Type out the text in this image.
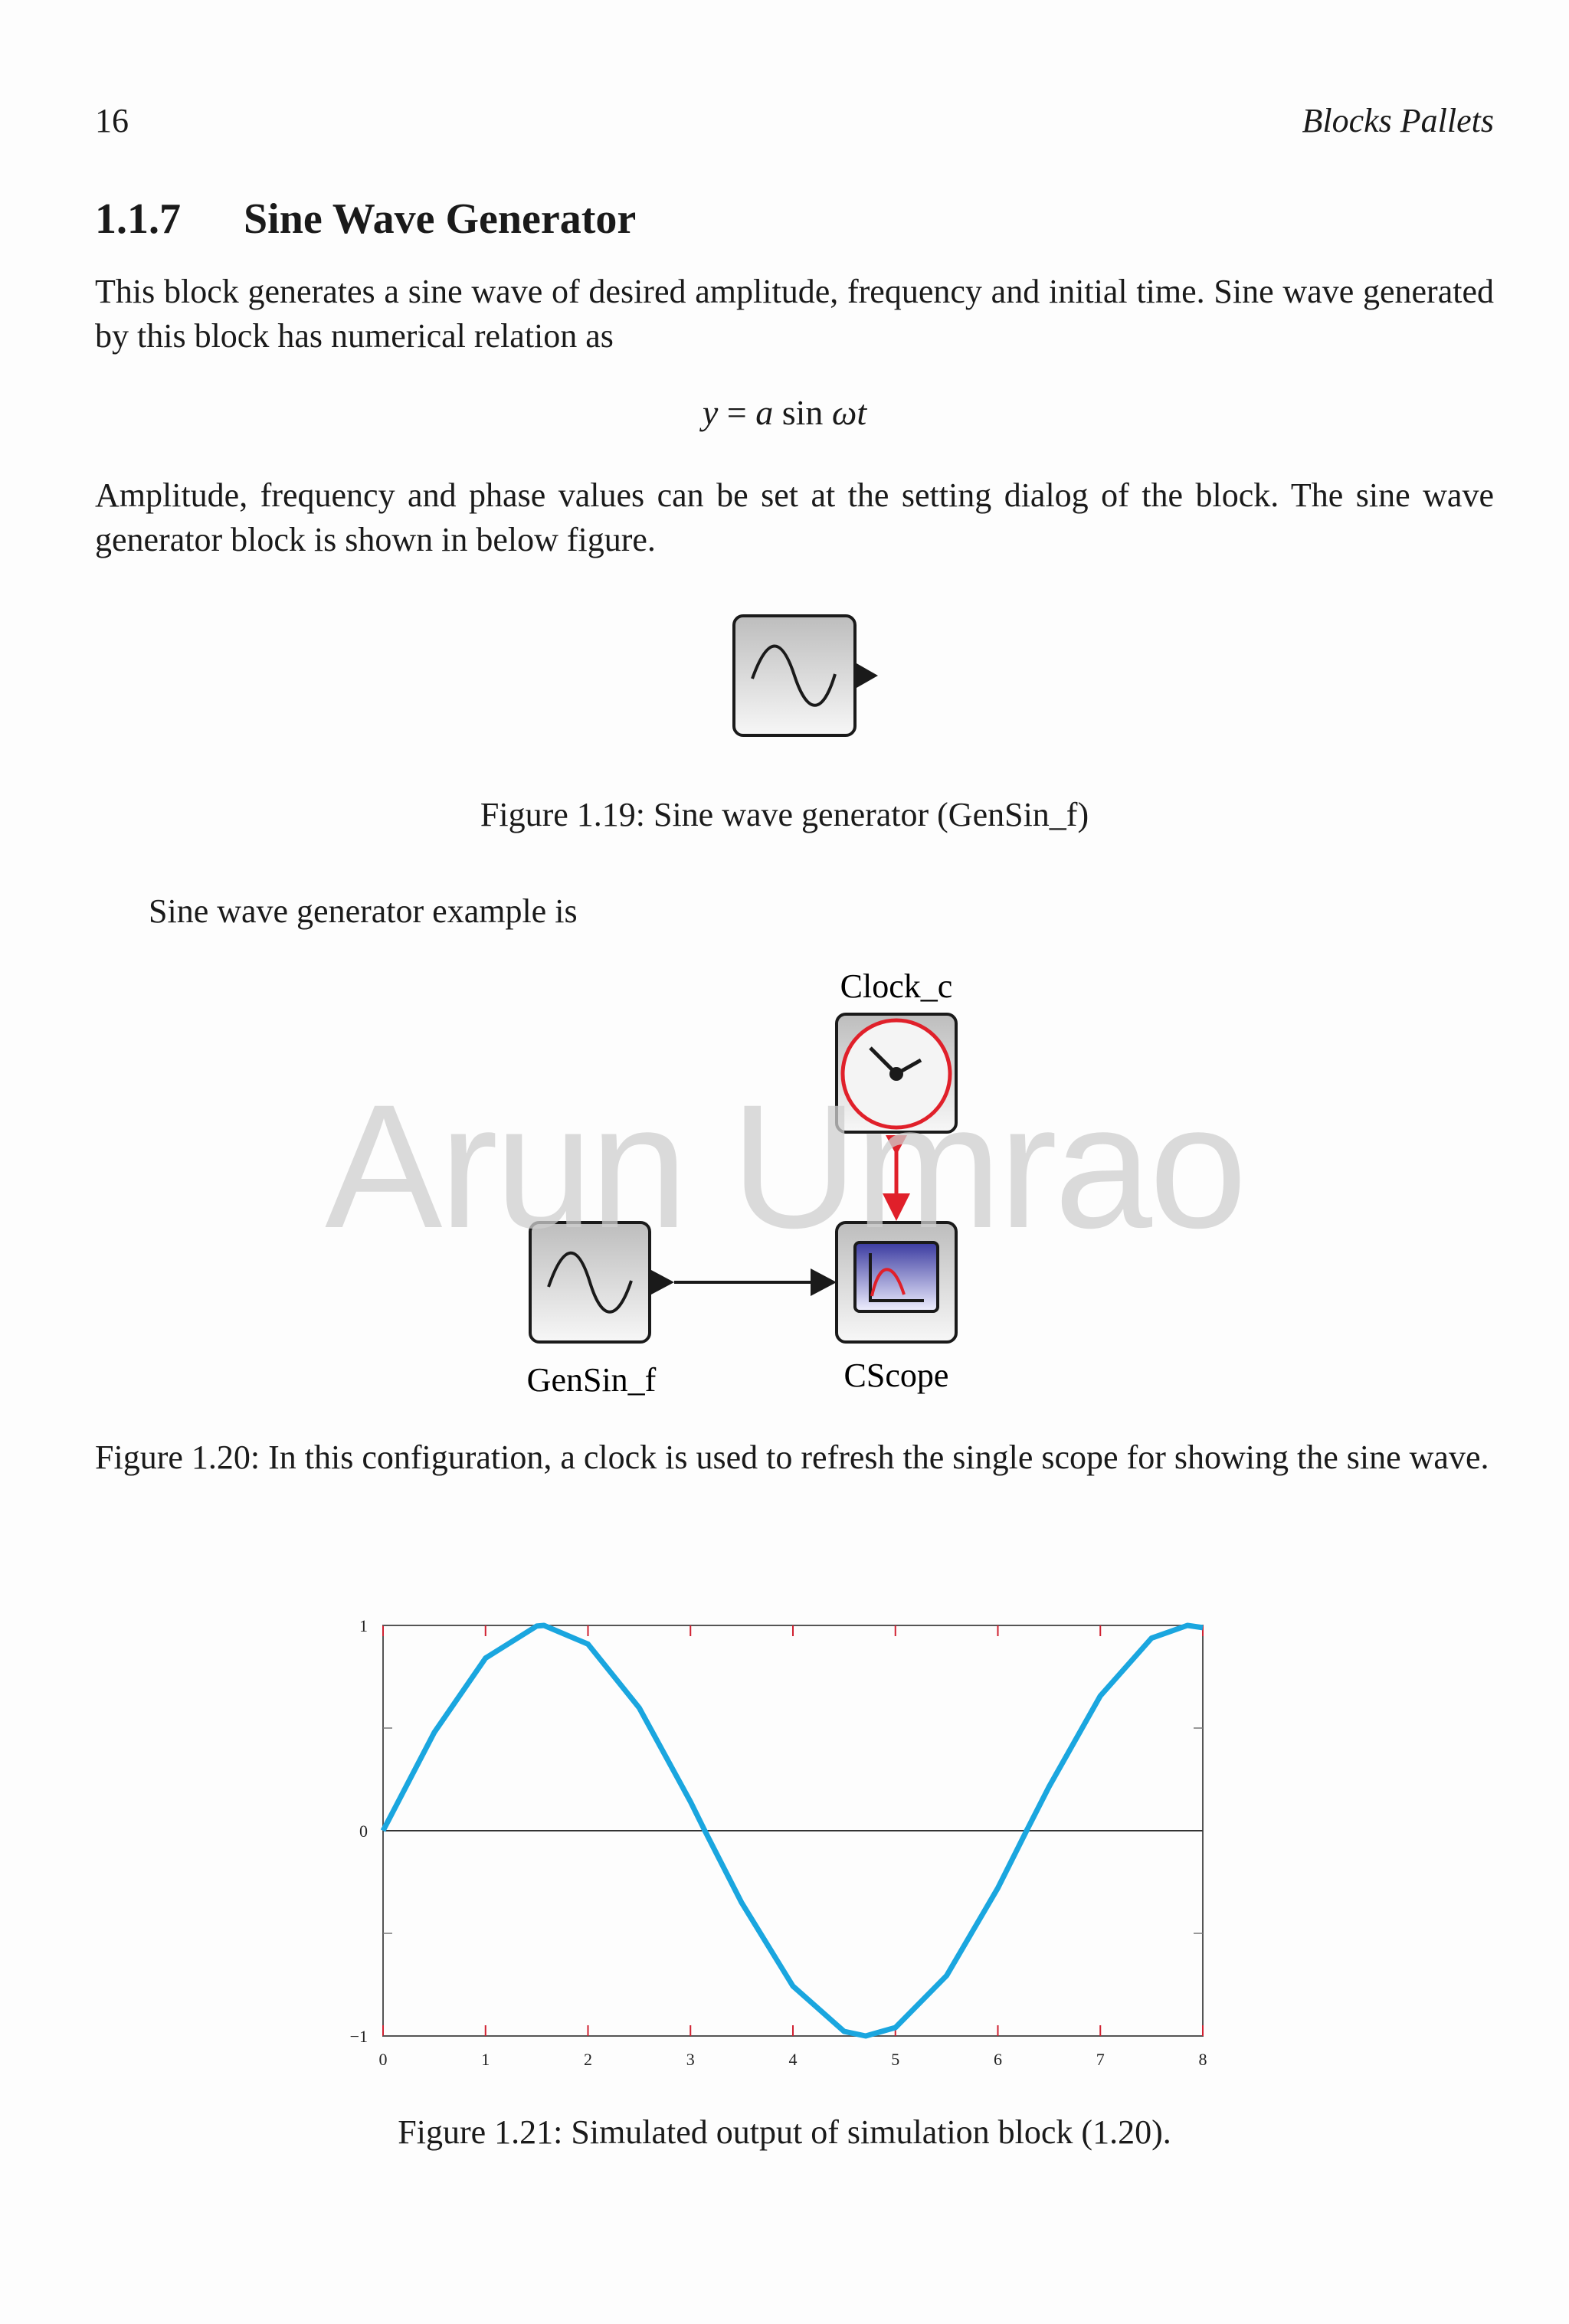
16	Blocks Pallets
1.1.7 Sine Wave Generator
This block generates a sine wave of desired amplitude, frequency and initial time. Sine wave generated by this block has numerical relation as
y = a sin ωt
Amplitude, frequency and phase values can be set at the setting dialog of the block. The sine wave generator block is shown in below figure.
Figure 1.19: Sine wave generator (GenSin_f)
Sine wave generator example is
Clock_c
GenSin_f	CScope
Arun Umrao
Figure 1.20: In this configuration, a clock is used to refresh the single scope for showing the sine wave.
0	1	2	3	4	5	6	7	8
−1
0
1
Figure 1.21: Simulated output of simulation block (1.20).
